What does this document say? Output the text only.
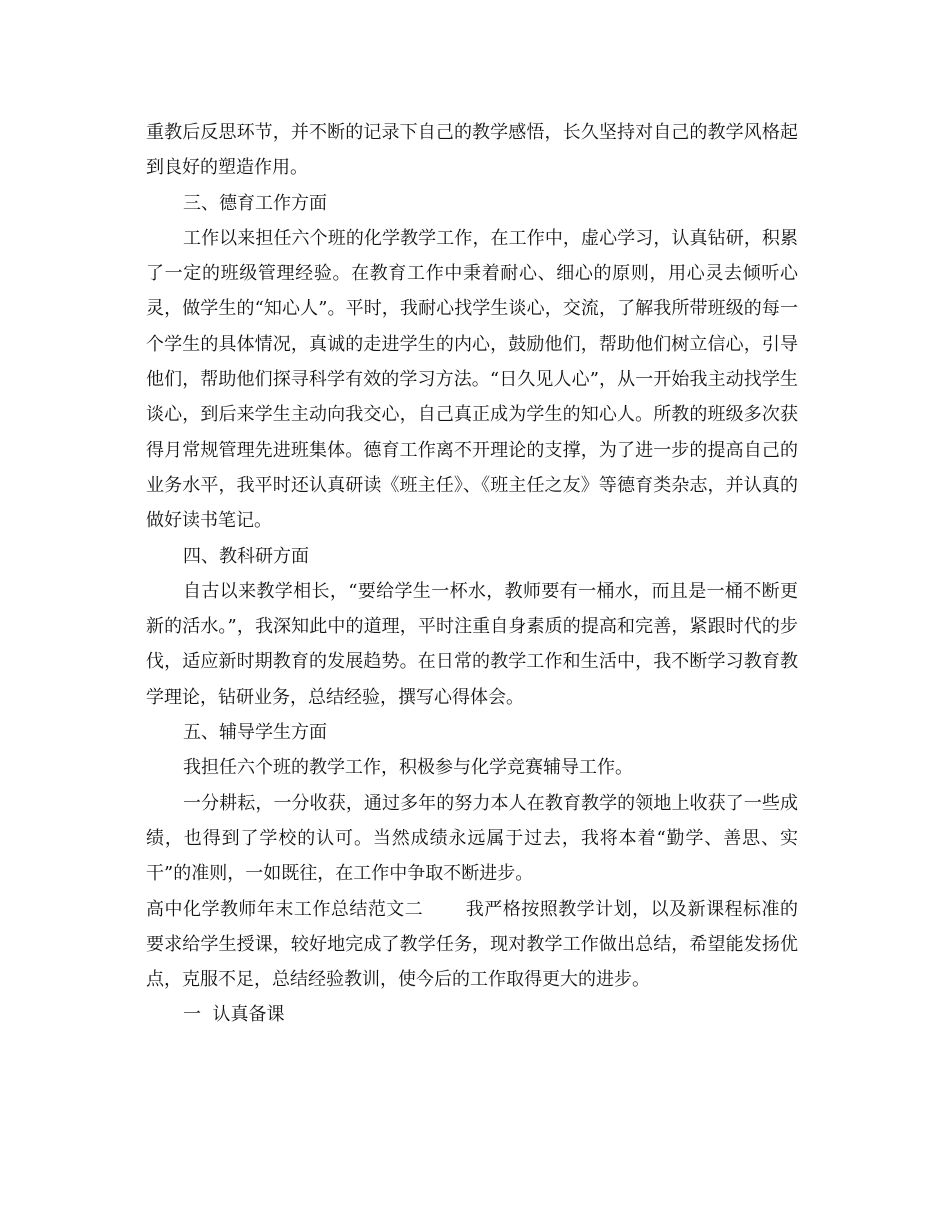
重教后反思环节，并不断的记录下自己的教学感悟，长久坚持对自己的教学风格起到良好的塑造作用。

三、德育工作方面

工作以来担任六个班的化学教学工作，在工作中，虚心学习，认真钻研，积累了一定的班级管理经验。在教育工作中秉着耐心、细心的原则，用心灵去倾听心灵，做学生的“知心人”。平时，我耐心找学生谈心，交流，了解我所带班级的每一个学生的具体情况，真诚的走进学生的内心，鼓励他们，帮助他们树立信心，引导他们，帮助他们探寻科学有效的学习方法。“日久见人心”，从一开始我主动找学生谈心，到后来学生主动向我交心，自己真正成为学生的知心人。所教的班级多次获得月常规管理先进班集体。德育工作离不开理论的支撑，为了进一步的提高自己的业务水平，我平时还认真研读《班主任》、《班主任之友》等德育类杂志，并认真的做好读书笔记。

四、教科研方面

自古以来教学相长，“要给学生一杯水，教师要有一桶水，而且是一桶不断更新的活水。”，我深知此中的道理，平时注重自身素质的提高和完善，紧跟时代的步伐，适应新时期教育的发展趋势。在日常的教学工作和生活中，我不断学习教育教学理论，钻研业务，总结经验，撰写心得体会。

五、辅导学生方面

我担任六个班的教学工作，积极参与化学竞赛辅导工作。

一分耕耘，一分收获，通过多年的努力本人在教育教学的领地上收获了一些成绩，也得到了学校的认可。当然成绩永远属于过去，我将本着“勤学、善思、实干”的准则，一如既往，在工作中争取不断进步。

高中化学教师年末工作总结范文二 我严格按照教学计划，以及新课程标准的要求给学生授课，较好地完成了教学任务，现对教学工作做出总结，希望能发扬优点，克服不足，总结经验教训，使今后的工作取得更大的进步。

一  认真备课
